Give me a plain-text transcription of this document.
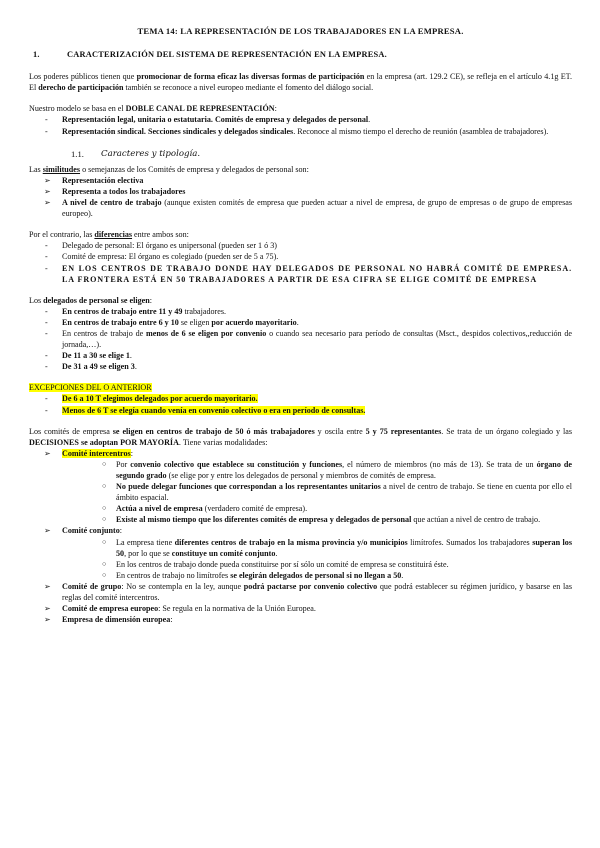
TEMA 14: LA REPRESENTACIÓN DE LOS TRABAJADORES EN LA EMPRESA.
1.	CARACTERIZACIÓN DEL SISTEMA DE REPRESENTACIÓN EN LA EMPRESA.

Los poderes públicos tienen que promocionar de forma eficaz las diversas formas de participación en la empresa (art. 129.2 CE), se refleja en el artículo 4.1g ET. El derecho de participación también se reconoce a nivel europeo mediante el fomento del diálogo social.

Nuestro modelo se basa en el DOBLE CANAL DE REPRESENTACIÓN:

- Representación legal, unitaria o estatutaria. Comités de empresa y delegados de personal.
- Representación sindical. Secciones sindicales y delegados sindicales. Reconoce al mismo tiempo el derecho de reunión (asamblea de trabajadores).
1.1.	Caracteres y tipología.

Las similitudes o semejanzas de los Comités de empresa y delegados de personal son:

➢ Representación electiva
➢ Representa a todos los trabajadores
➢ A nivel de centro de trabajo (aunque existen comités de empresa que pueden actuar a nivel de empresa, de grupo de empresas o de grupo de empresas europeo).

Por el contrario, las diferencias entre ambos son:

- Delegado de personal: El órgano es unipersonal (pueden ser 1 ó 3)
- Comité de empresa: El órgano es colegiado (pueden ser de 5 a 75).
- EN LOS CENTROS DE TRABAJO DONDE HAY DELEGADOS DE PERSONAL NO HABRÁ COMITÉ DE EMPRESA. LA FRONTERA ESTÁ EN 50 TRABAJADORES A PARTIR DE ESA CIFRA SE ELIGE COMITÉ DE EMPRESA

Los delegados de personal se eligen:

- En centros de trabajo entre 11 y 49 trabajadores.
- En centros de trabajo entre 6 y 10 se eligen por acuerdo mayoritario.
- En centros de trabajo de menos de 6 se eligen por convenio o cuando sea necesario para período de consultas (Msct., despidos colectivos,,reducción de jornada,…).
- De 11 a 30 se elige 1.
- De 31 a 49 se eligen 3.

EXCEPCIONES DEL O ANTERIOR

- De 6 a 10 T elegimos delegados por acuerdo mayoritario.
- Menos de 6 T se elegía cuando venía en convenio colectivo o era en período de consultas.

Los comités de empresa se eligen en centros de trabajo de 50 ó más trabajadores y oscila entre 5 y 75 representantes. Se trata de un órgano colegiado y las DECISIONES se adoptan POR MAYORÍA. Tiene varias modalidades:

➢ Comité intercentros:
○ Por convenio colectivo que establece su constitución y funciones, el número de miembros (no más de 13). Se trata de un órgano de segundo grado (se elige por y entre los delegados de personal y miembros de comités de empresa.
○ No puede delegar funciones que correspondan a los representantes unitarios a nivel de centro de trabajo. Se tiene en cuenta por ello el ámbito espacial.
○ Actúa a nivel de empresa (verdadero comité de empresa).
○ Existe al mismo tiempo que los diferentes comités de empresa y delegados de personal que actúan a nivel de centro de trabajo.
➢ Comité conjunto:
○ La empresa tiene diferentes centros de trabajo en la misma provincia y/o municipios limítrofes. Sumados los trabajadores superan los 50, por lo que se constituye un comité conjunto.
○ En los centros de trabajo donde pueda constituirse por sí sólo un comité de empresa se constituirá éste.
○ En centros de trabajo no limítrofes se elegirán delegados de personal si no llegan a 50.
➢ Comité de grupo: No se contempla en la ley, aunque podrá pactarse por convenio colectivo que podrá establecer su régimen jurídico, y basarse en las reglas del comité intercentros.
➢ Comité de empresa europeo: Se regula en la normativa de la Unión Europea.
➢ Empresa de dimensión europea:
